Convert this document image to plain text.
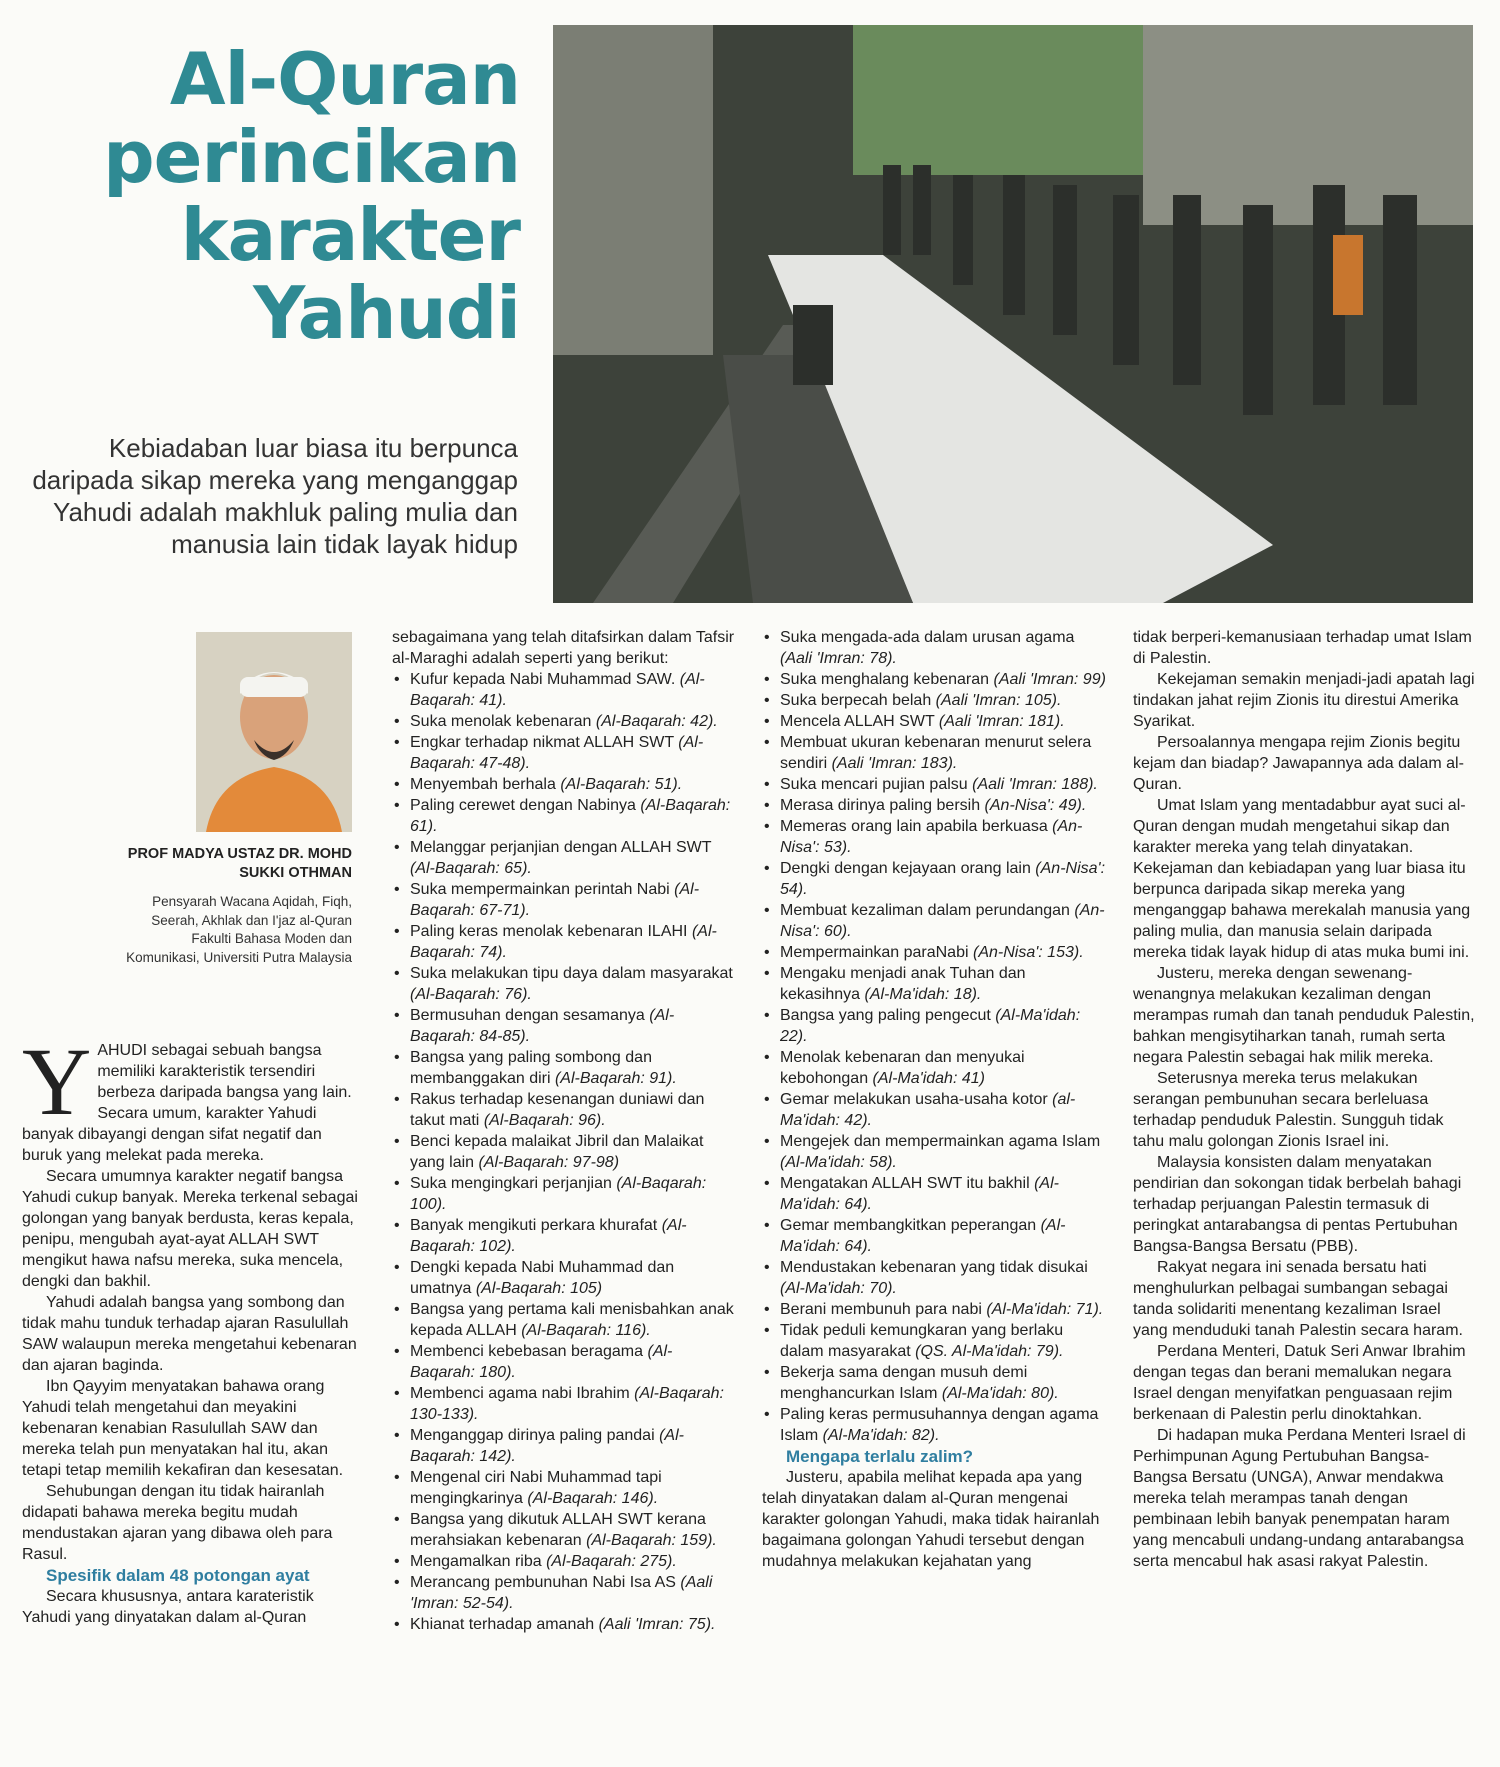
Al-Quran
perincikan
karakter
Yahudi
Kebiadaban luar biasa itu berpunca daripada sikap mereka yang menganggap Yahudi adalah makhluk paling mulia dan manusia lain tidak layak hidup
PROF MADYA USTAZ DR. MOHD SUKKI OTHMAN
Pensyarah Wacana Aqidah, Fiqh, Seerah, Akhlak dan I'jaz al-Quran Fakulti Bahasa Moden dan Komunikasi, Universiti Putra Malaysia

YAHUDI sebagai sebuah bangsa memiliki karakteristik tersendiri berbeza daripada bangsa yang lain. Secara umum, karakter Yahudi banyak dibayangi dengan sifat negatif dan buruk yang melekat pada mereka.

Secara umumnya karakter negatif bangsa Yahudi cukup banyak. Mereka terkenal sebagai golongan yang banyak berdusta, keras kepala, penipu, mengubah ayat-ayat ALLAH SWT mengikut hawa nafsu mereka, suka mencela, dengki dan bakhil.

Yahudi adalah bangsa yang sombong dan tidak mahu tunduk terhadap ajaran Rasulullah SAW walaupun mereka mengetahui kebenaran dan ajaran baginda.

Ibn Qayyim menyatakan bahawa orang Yahudi telah mengetahui dan meyakini kebenaran kenabian Rasulullah SAW dan mereka telah pun menyatakan hal itu, akan tetapi tetap memilih kekafiran dan kesesatan.

Sehubungan dengan itu tidak hairanlah didapati bahawa mereka begitu mudah mendustakan ajaran yang dibawa oleh para Rasul.

Spesifik dalam 48 potongan ayat

Secara khususnya, antara karateristik Yahudi yang dinyatakan dalam al-Quran

sebagaimana yang telah ditafsirkan dalam Tafsir al-Maraghi adalah seperti yang berikut:

• Kufur kepada Nabi Muhammad SAW. (Al-Baqarah: 41).
• Suka menolak kebenaran (Al-Baqarah: 42).
• Engkar terhadap nikmat ALLAH SWT (Al-Baqarah: 47-48).
• Menyembah berhala (Al-Baqarah: 51).
• Paling cerewet dengan Nabinya (Al-Baqarah: 61).
• Melanggar perjanjian dengan ALLAH SWT (Al-Baqarah: 65).
• Suka mempermainkan perintah Nabi (Al-Baqarah: 67-71).
• Paling keras menolak kebenaran ILAHI (Al-Baqarah: 74).
• Suka melakukan tipu daya dalam masyarakat (Al-Baqarah: 76).
• Bermusuhan dengan sesamanya (Al-Baqarah: 84-85).
• Bangsa yang paling sombong dan membanggakan diri (Al-Baqarah: 91).
• Rakus terhadap kesenangan duniawi dan takut mati (Al-Baqarah: 96).
• Benci kepada malaikat Jibril dan Malaikat yang lain (Al-Baqarah: 97-98)
• Suka mengingkari perjanjian (Al-Baqarah: 100).
• Banyak mengikuti perkara khurafat (Al-Baqarah: 102).
• Dengki kepada Nabi Muhammad dan umatnya (Al-Baqarah: 105)
• Bangsa yang pertama kali menisbahkan anak kepada ALLAH (Al-Baqarah: 116).
• Membenci kebebasan beragama (Al-Baqarah: 180).
• Membenci agama nabi Ibrahim (Al-Baqarah: 130-133).
• Menganggap dirinya paling pandai (Al-Baqarah: 142).
• Mengenal ciri Nabi Muhammad tapi mengingkarinya (Al-Baqarah: 146).
• Bangsa yang dikutuk ALLAH SWT kerana merahsiakan kebenaran (Al-Baqarah: 159).
• Mengamalkan riba (Al-Baqarah: 275).
• Merancang pembunuhan Nabi Isa AS (Aali 'Imran: 52-54).
• Khianat terhadap amanah (Aali 'Imran: 75).
• Suka mengada-ada dalam urusan agama (Aali 'Imran: 78).
• Suka menghalang kebenaran (Aali 'Imran: 99)
• Suka berpecah belah (Aali 'Imran: 105).
• Mencela ALLAH SWT (Aali 'Imran: 181).
• Membuat ukuran kebenaran menurut selera sendiri (Aali 'Imran: 183).
• Suka mencari pujian palsu (Aali 'Imran: 188).
• Merasa dirinya paling bersih (An-Nisa': 49).
• Memeras orang lain apabila berkuasa (An-Nisa': 53).
• Dengki dengan kejayaan orang lain (An-Nisa': 54).
• Membuat kezaliman dalam perundangan (An-Nisa': 60).
• Mempermainkan paraNabi (An-Nisa': 153).
• Mengaku menjadi anak Tuhan dan kekasihnya (Al-Ma'idah: 18).
• Bangsa yang paling pengecut (Al-Ma'idah: 22).
• Menolak kebenaran dan menyukai kebohongan (Al-Ma'idah: 41)
• Gemar melakukan usaha-usaha kotor (al-Ma'idah: 42).
• Mengejek dan mempermainkan agama Islam (Al-Ma'idah: 58).
• Mengatakan ALLAH SWT itu bakhil (Al-Ma'idah: 64).
• Gemar membangkitkan peperangan (Al-Ma'idah: 64).
• Mendustakan kebenaran yang tidak disukai (Al-Ma'idah: 70).
• Berani membunuh para nabi (Al-Ma'idah: 71).
• Tidak peduli kemungkaran yang berlaku dalam masyarakat (QS. Al-Ma'idah: 79).
• Bekerja sama dengan musuh demi menghancurkan Islam (Al-Ma'idah: 80).
• Paling keras permusuhannya dengan agama Islam (Al-Ma'idah: 82).

Mengapa terlalu zalim?

Justeru, apabila melihat kepada apa yang telah dinyatakan dalam al-Quran mengenai karakter golongan Yahudi, maka tidak hairanlah bagaimana golongan Yahudi tersebut dengan mudahnya melakukan kejahatan yang

tidak berperi-kemanusiaan terhadap umat Islam di Palestin.

Kekejaman semakin menjadi-jadi apatah lagi tindakan jahat rejim Zionis itu direstui Amerika Syarikat.

Persoalannya mengapa rejim Zionis begitu kejam dan biadap? Jawapannya ada dalam al-Quran.

Umat Islam yang mentadabbur ayat suci al-Quran dengan mudah mengetahui sikap dan karakter mereka yang telah dinyatakan. Kekejaman dan kebiadapan yang luar biasa itu berpunca daripada sikap mereka yang menganggap bahawa merekalah manusia yang paling mulia, dan manusia selain daripada mereka tidak layak hidup di atas muka bumi ini.

Justeru, mereka dengan sewenang-wenangnya melakukan kezaliman dengan merampas rumah dan tanah penduduk Palestin, bahkan mengisytiharkan tanah, rumah serta negara Palestin sebagai hak milik mereka.

Seterusnya mereka terus melakukan serangan pembunuhan secara berleluasa terhadap penduduk Palestin. Sungguh tidak tahu malu golongan Zionis Israel ini.

Malaysia konsisten dalam menyatakan pendirian dan sokongan tidak berbelah bahagi terhadap perjuangan Palestin termasuk di peringkat antarabangsa di pentas Pertubuhan Bangsa-Bangsa Bersatu (PBB).

Rakyat negara ini senada bersatu hati menghulurkan pelbagai sumbangan sebagai tanda solidariti menentang kezaliman Israel yang menduduki tanah Palestin secara haram.

Perdana Menteri, Datuk Seri Anwar Ibrahim dengan tegas dan berani memalukan negara Israel dengan menyifatkan penguasaan rejim berkenaan di Palestin perlu dinoktahkan.

Di hadapan muka Perdana Menteri Israel di Perhimpunan Agung Pertubuhan Bangsa-Bangsa Bersatu (UNGA), Anwar mendakwa mereka telah merampas tanah dengan pembinaan lebih banyak penempatan haram yang mencabuli undang-undang antarabangsa serta mencabul hak asasi rakyat Palestin.
